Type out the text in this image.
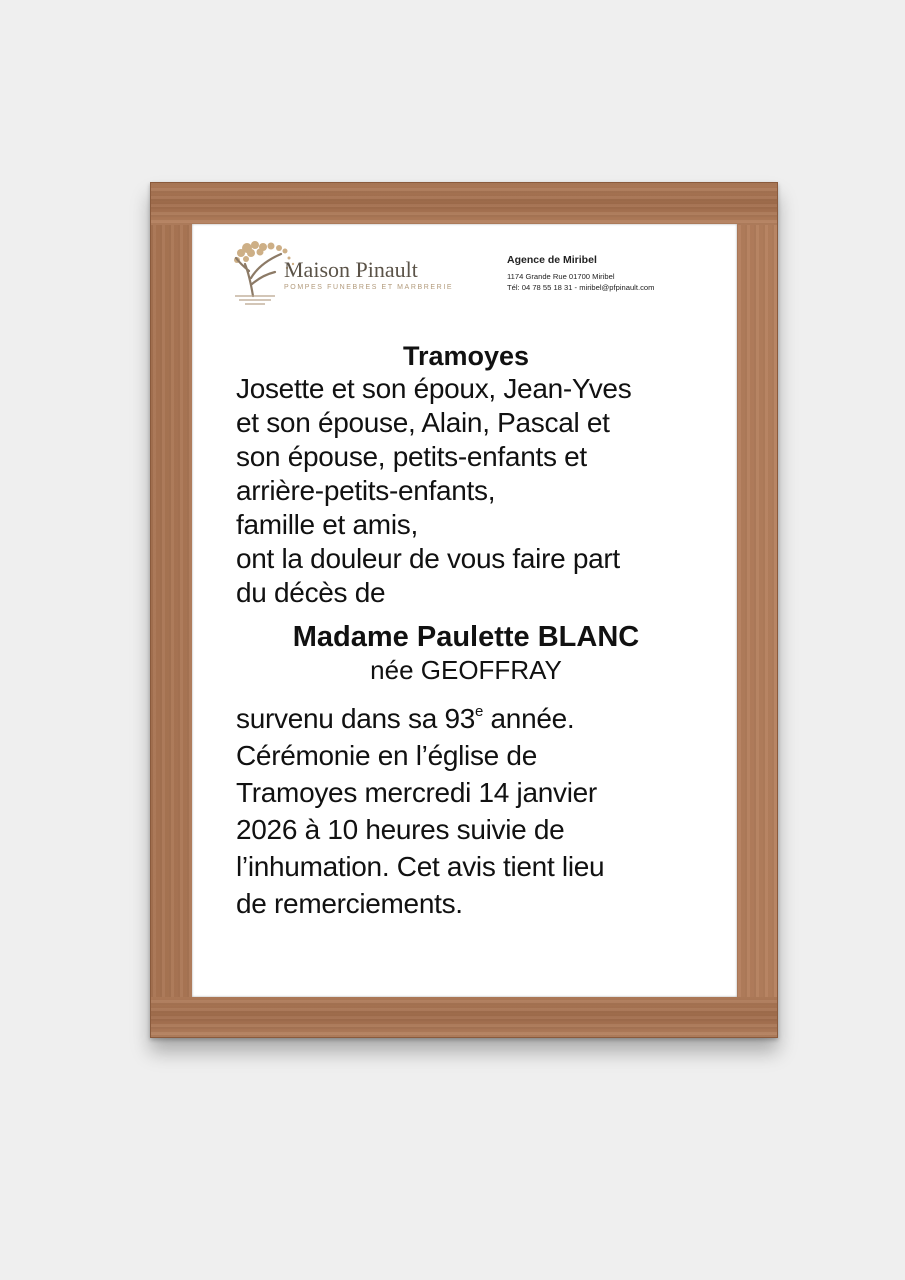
Maison Pinault
POMPES FUNEBRES ET MARBRERIE
Agence de Miribel
1174 Grande Rue 01700 Miribel
Tél: 04 78 55 18 31 - miribel@pfpinault.com
Tramoyes
Josette et son époux, Jean-Yves
et son épouse, Alain, Pascal et
son épouse, petits-enfants et
arrière-petits-enfants,
famille et amis,
ont la douleur de vous faire part
du décès de
Madame Paulette BLANC
née GEOFFRAY
survenu dans sa 93e année.
Cérémonie en l’église de
Tramoyes mercredi 14 janvier
2026 à 10 heures suivie de
l’inhumation. Cet avis tient lieu
de remerciements.
